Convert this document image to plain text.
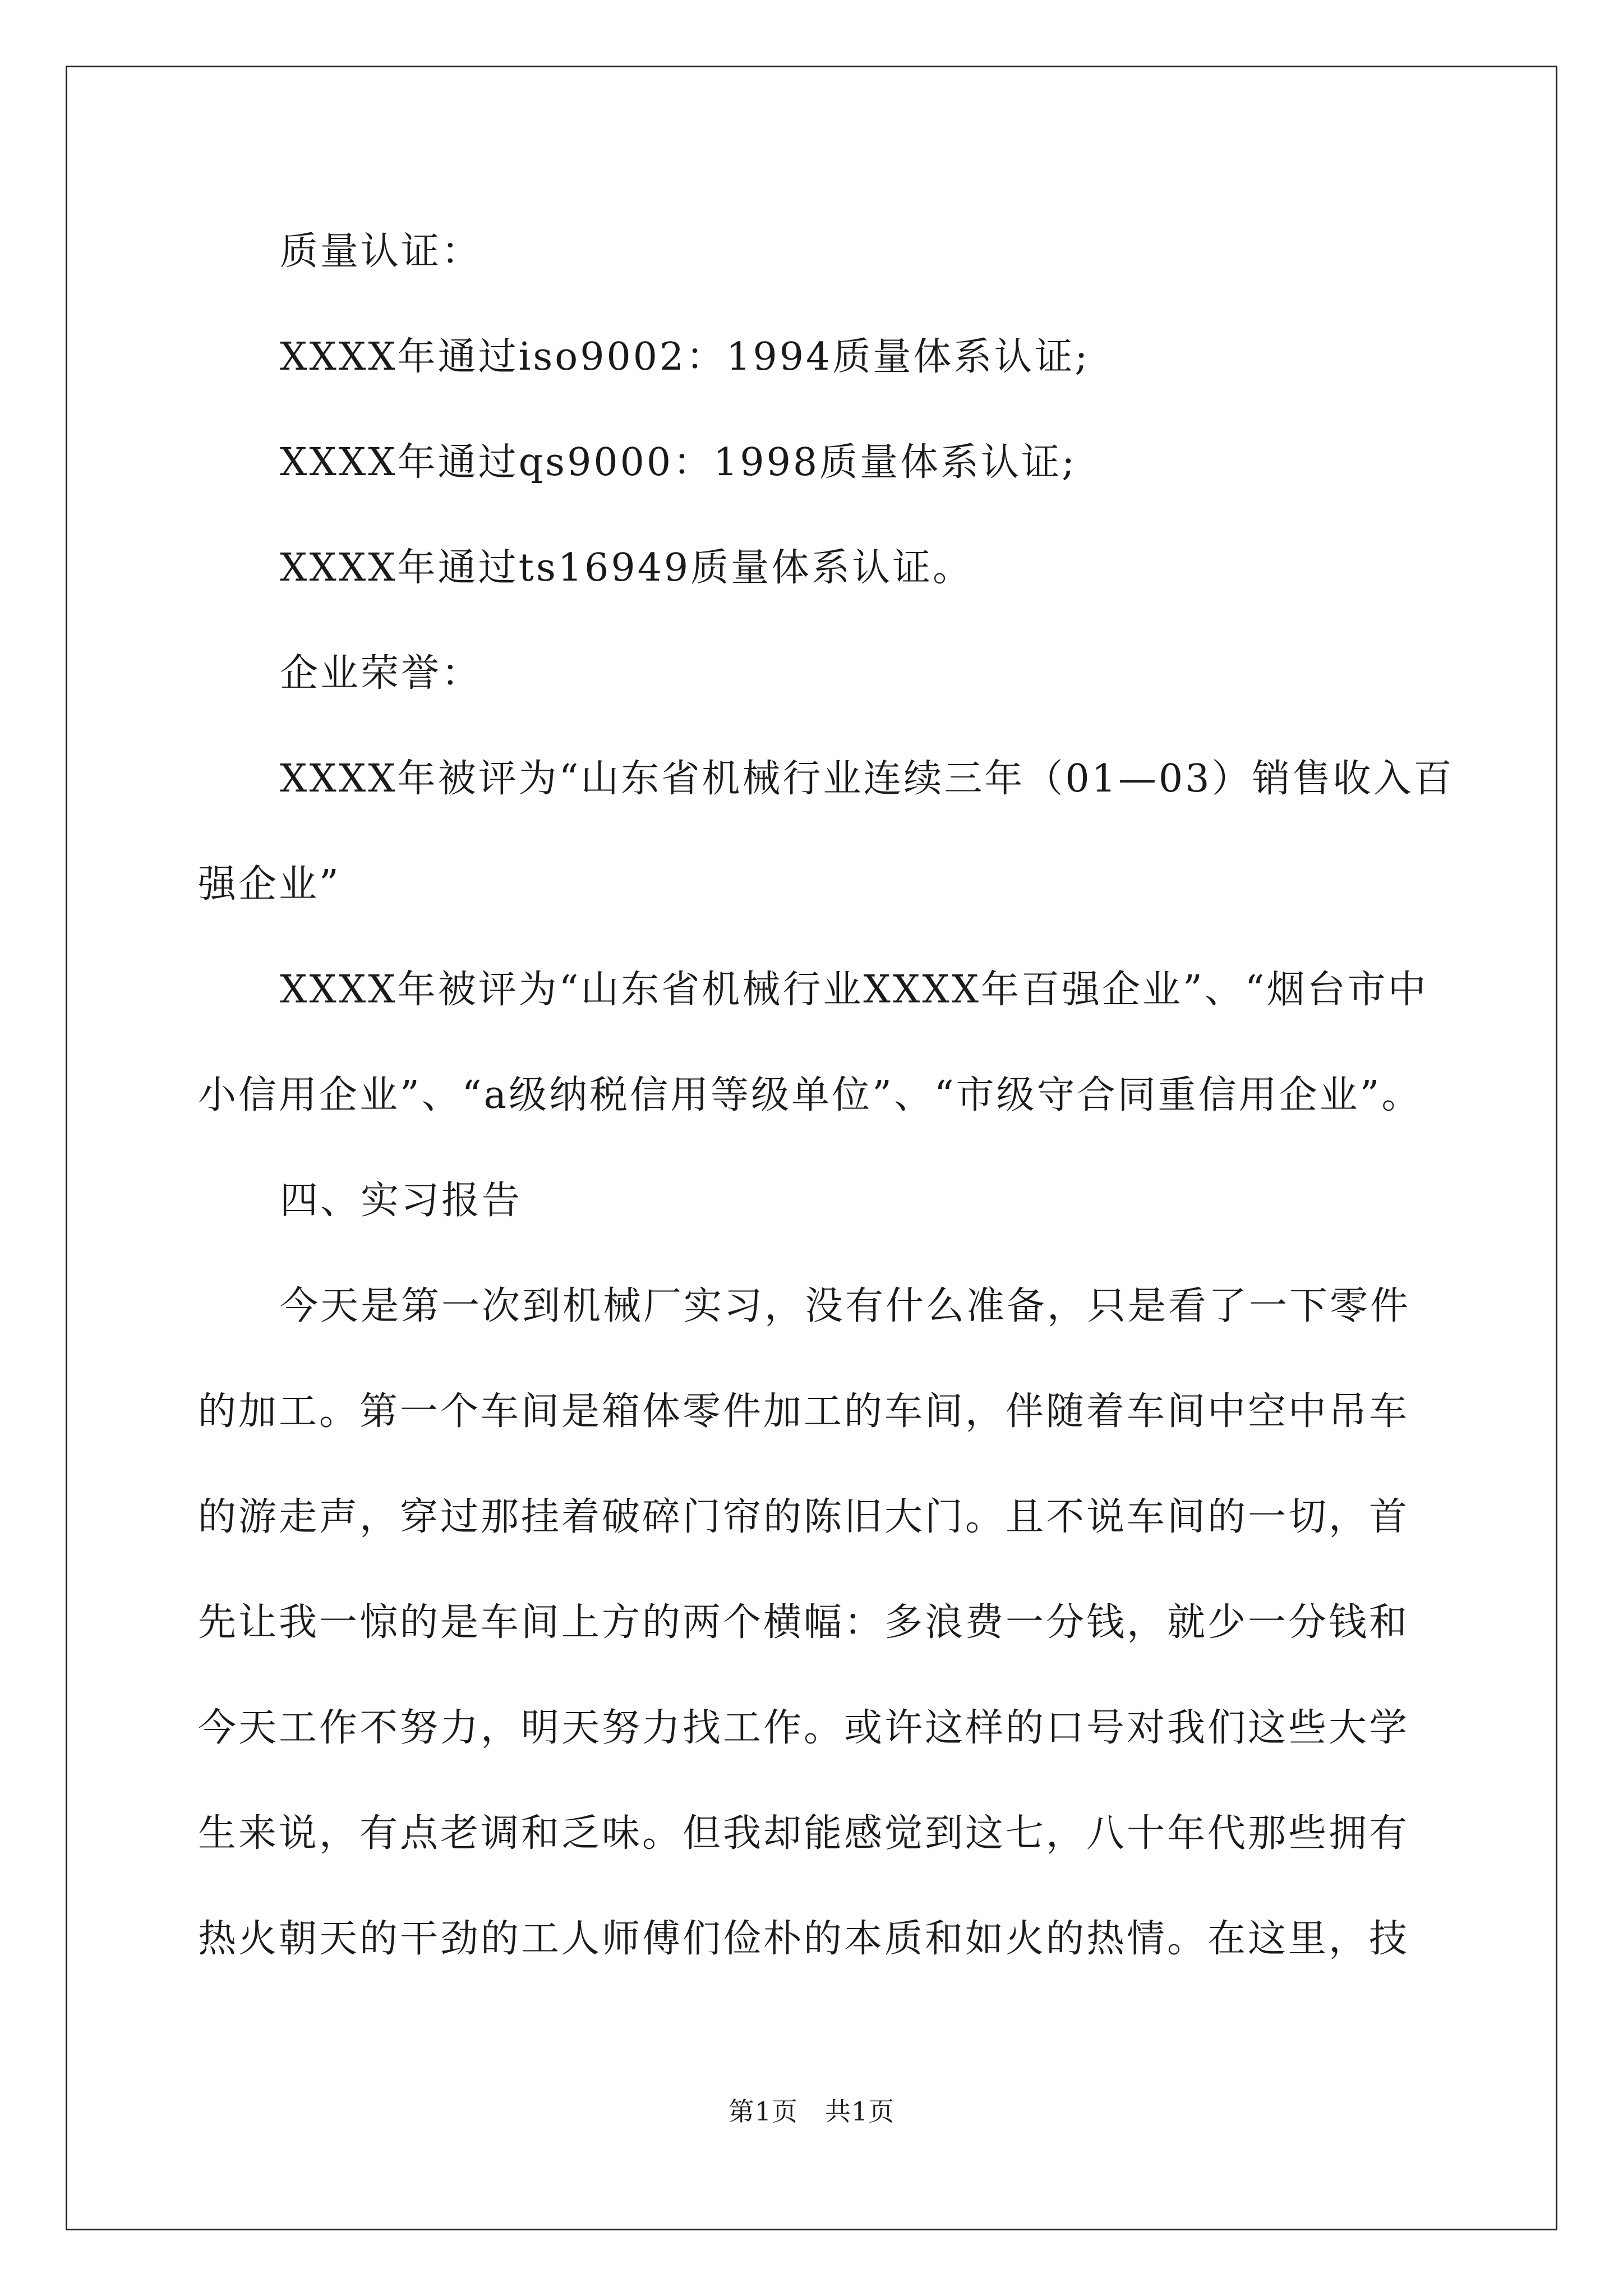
质量认证：

XXXX年通过iso9002：1994质量体系认证;

XXXX年通过qs9000：1998质量体系认证;

XXXX年通过ts16949质量体系认证。

企业荣誉：

XXXX年被评为“山东省机械行业连续三年（01—03）销售收入百

强企业”

XXXX年被评为“山东省机械行业XXXX年百强企业”、“烟台市中

小信用企业”、“a级纳税信用等级单位”、“市级守合同重信用企业”。

四、实习报告

今天是第一次到机械厂实习，没有什么准备，只是看了一下零件

的加工。第一个车间是箱体零件加工的车间，伴随着车间中空中吊车

的游走声，穿过那挂着破碎门帘的陈旧大门。且不说车间的一切，首

先让我一惊的是车间上方的两个横幅：多浪费一分钱，就少一分钱和

今天工作不努力，明天努力找工作。或许这样的口号对我们这些大学

生来说，有点老调和乏味。但我却能感觉到这七，八十年代那些拥有

热火朝天的干劲的工人师傅们俭朴的本质和如火的热情。在这里，技

第1页 共1页
